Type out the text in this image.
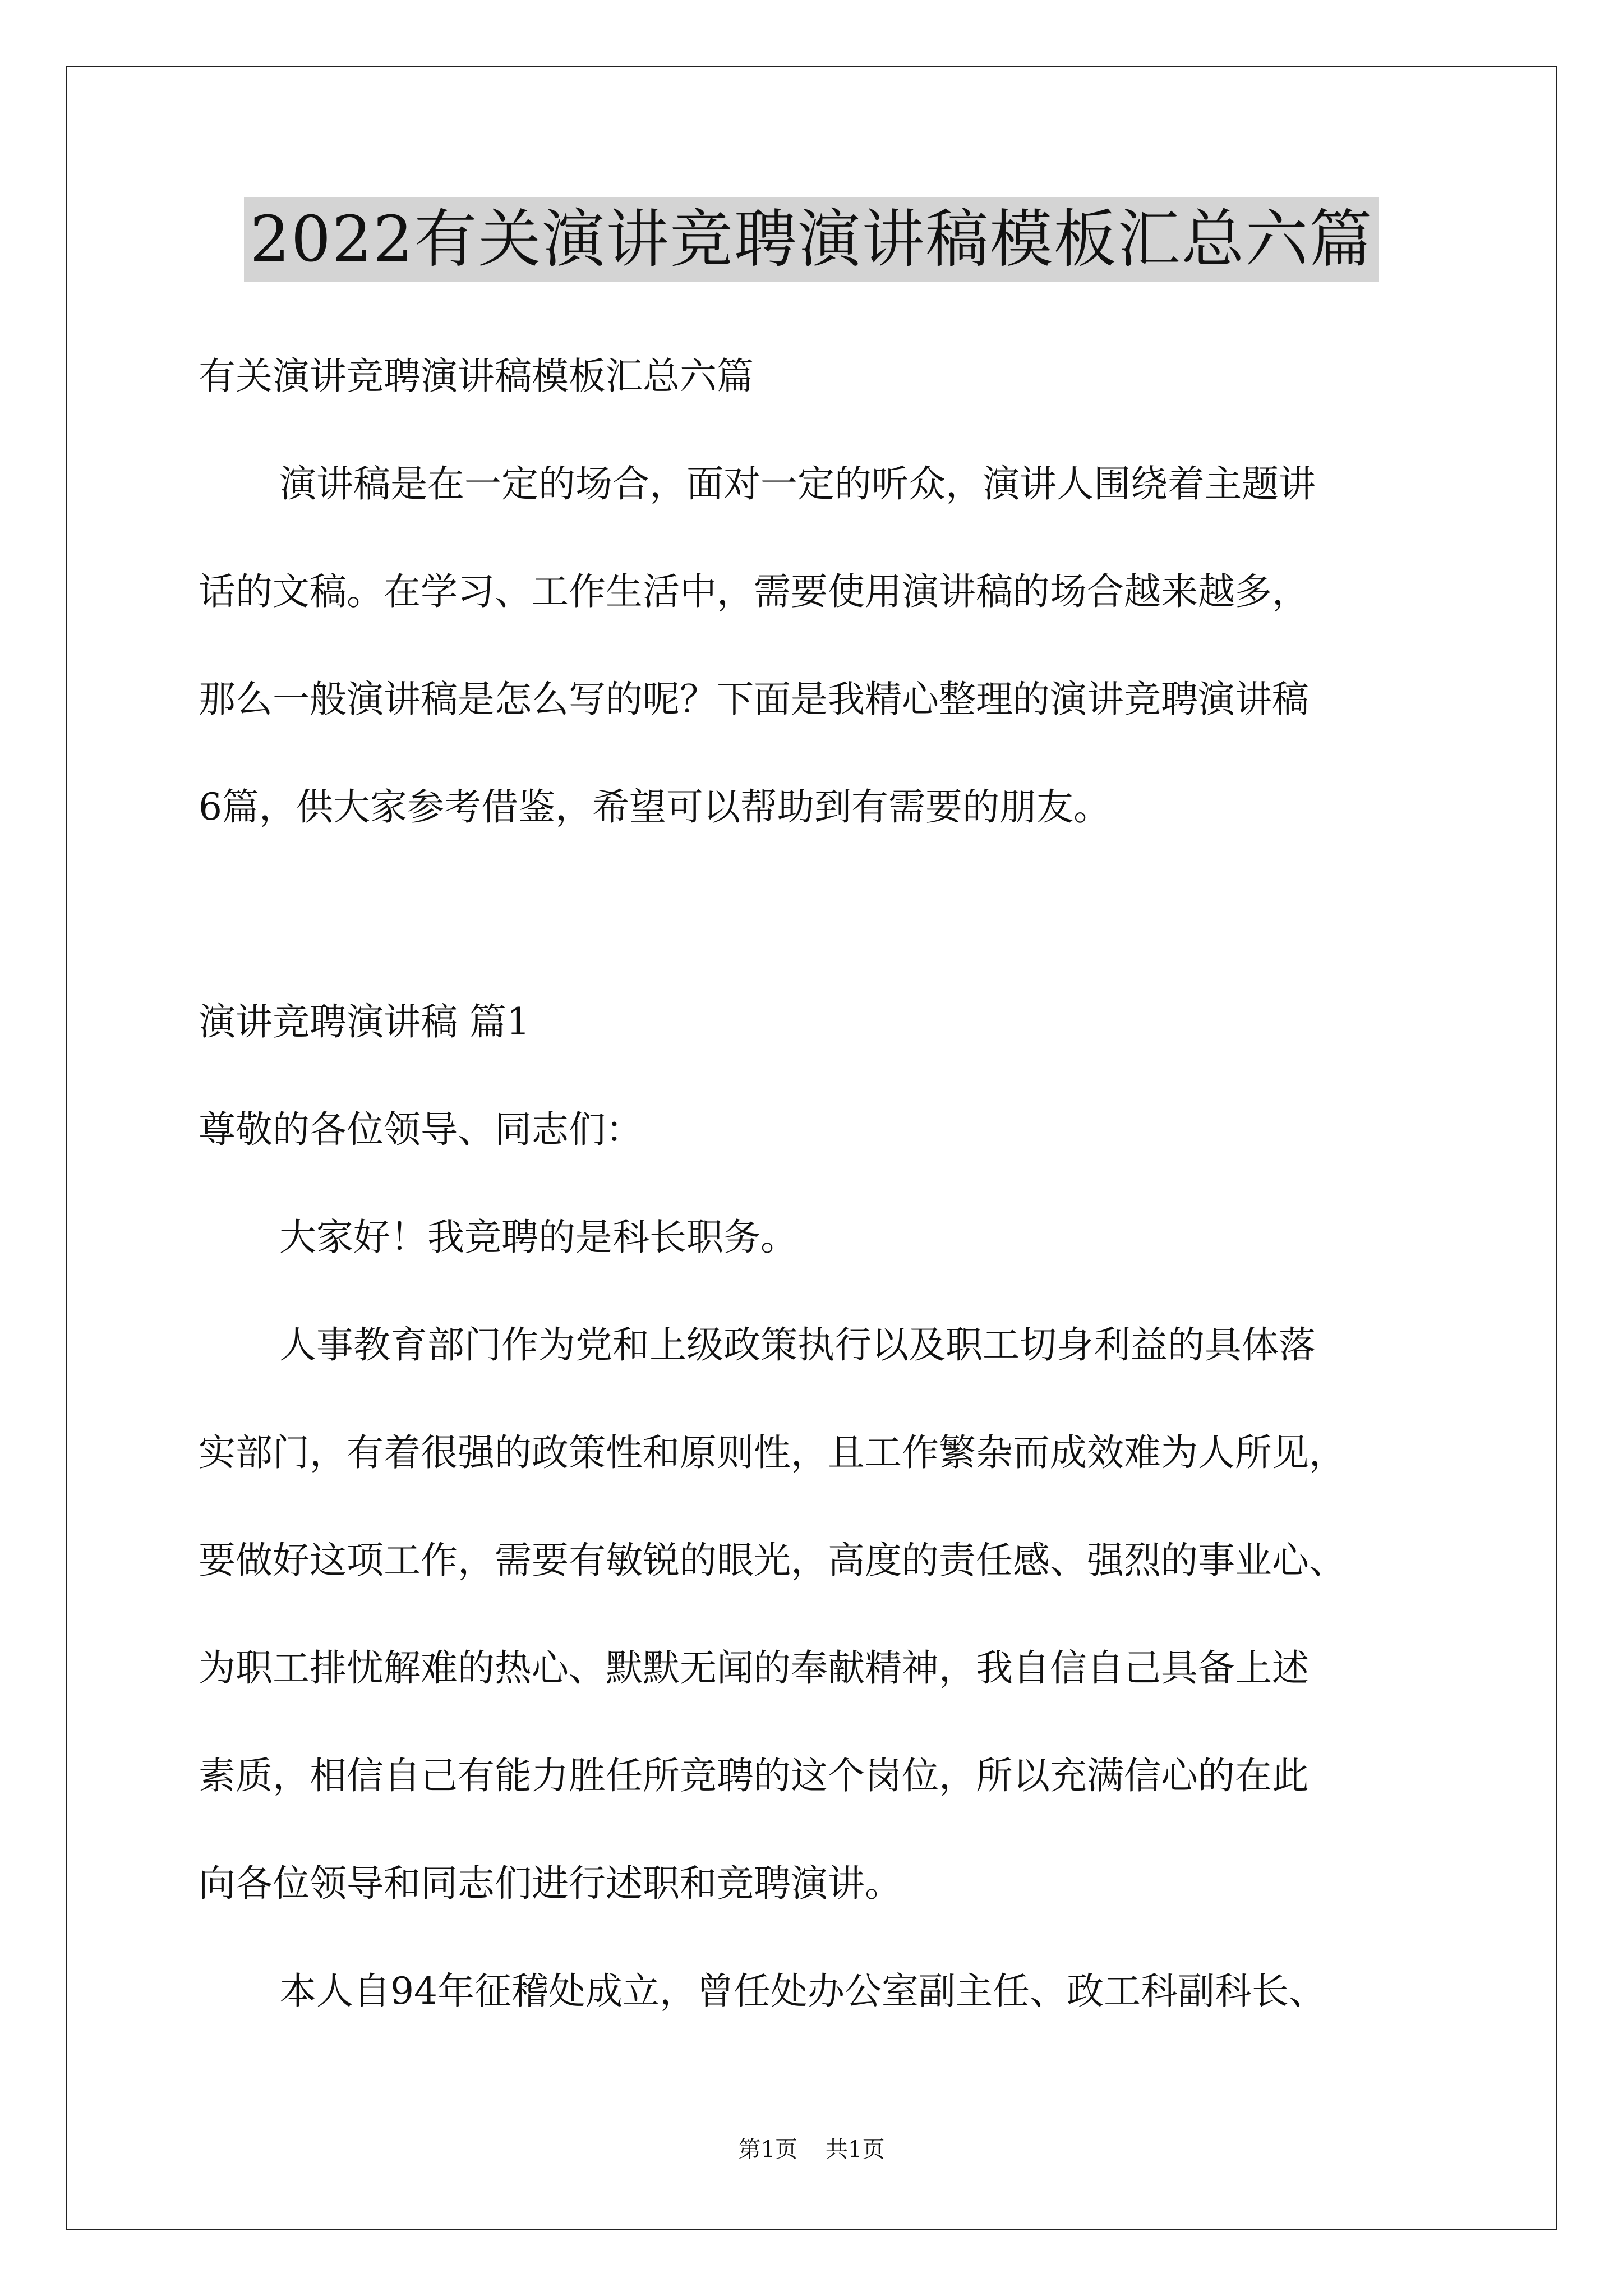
2022有关演讲竞聘演讲稿模板汇总六篇
有关演讲竞聘演讲稿模板汇总六篇
演讲稿是在一定的场合，面对一定的听众，演讲人围绕着主题讲
话的文稿。在学习、工作生活中，需要使用演讲稿的场合越来越多，
那么一般演讲稿是怎么写的呢？下面是我精心整理的演讲竞聘演讲稿
6篇，供大家参考借鉴，希望可以帮助到有需要的朋友。
演讲竞聘演讲稿 篇1
尊敬的各位领导、同志们：
大家好！我竞聘的是科长职务。
人事教育部门作为党和上级政策执行以及职工切身利益的具体落
实部门，有着很强的政策性和原则性，且工作繁杂而成效难为人所见，
要做好这项工作，需要有敏锐的眼光，高度的责任感、强烈的事业心、
为职工排忧解难的热心、默默无闻的奉献精神，我自信自己具备上述
素质，相信自己有能力胜任所竞聘的这个岗位，所以充满信心的在此
向各位领导和同志们进行述职和竞聘演讲。
本人自94年征稽处成立，曾任处办公室副主任、政工科副科长、
第1页 共1页
